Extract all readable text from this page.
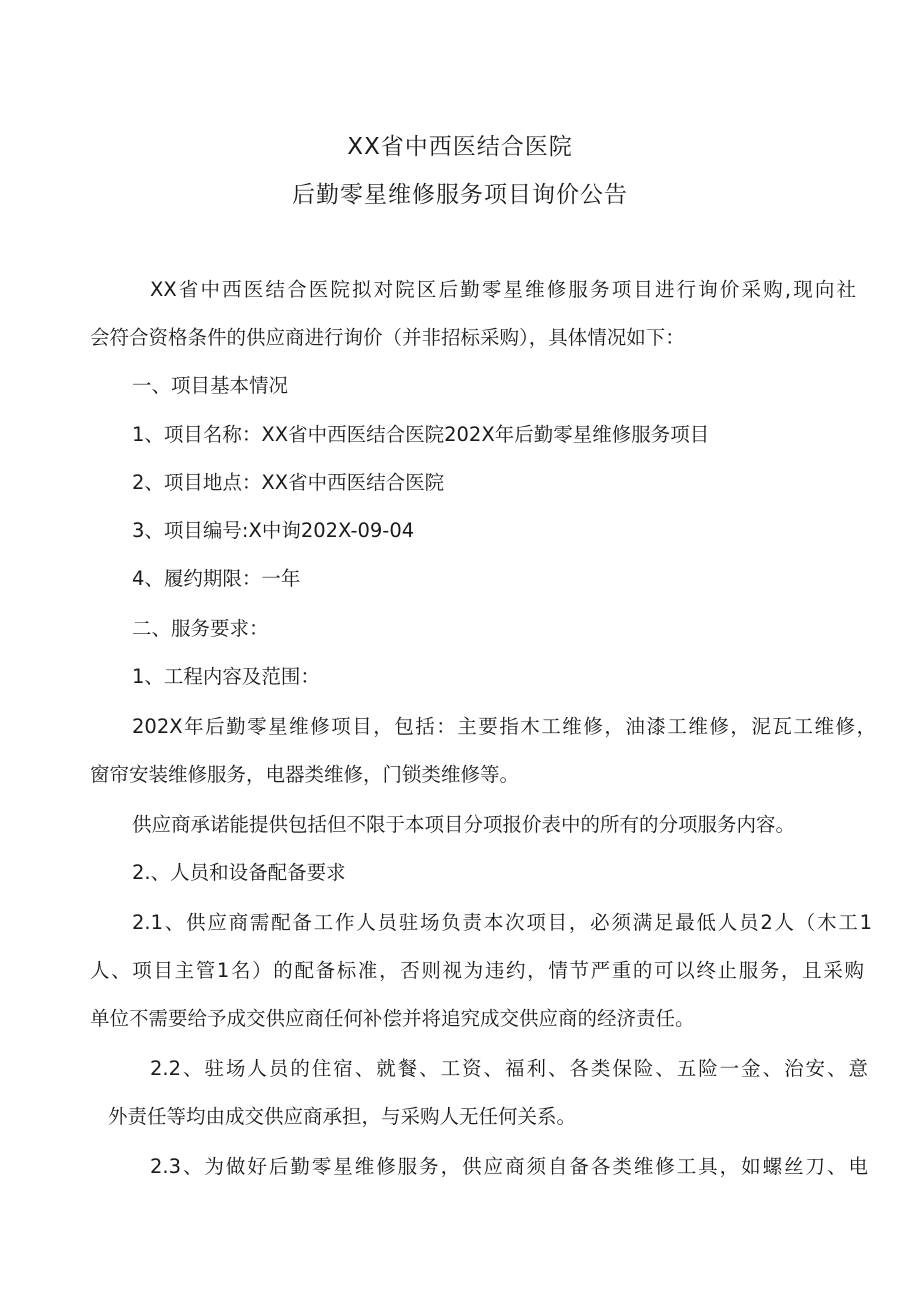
XX省中西医结合医院
后勤零星维修服务项目询价公告
XX省中西医结合医院拟对院区后勤零星维修服务项目进行询价采购,现向社
会符合资格条件的供应商进行询价（并非招标采购），具体情况如下：
一、项目基本情况
1、项目名称：XX省中西医结合医院202X年后勤零星维修服务项目
2、项目地点：XX省中西医结合医院
3、项目编号:X中询202X-09-04
4、履约期限：一年
二、服务要求：
1、工程内容及范围：
202X年后勤零星维修项目，包括：主要指木工维修，油漆工维修，泥瓦工维修，
窗帘安装维修服务，电器类维修，门锁类维修等。
供应商承诺能提供包括但不限于本项目分项报价表中的所有的分项服务内容。
2.、人员和设备配备要求
2.1、供应商需配备工作人员驻场负责本次项目，必须满足最低人员2人（木工1
人、项目主管1名）的配备标准，否则视为违约，情节严重的可以终止服务，且采购
单位不需要给予成交供应商任何补偿并将追究成交供应商的经济责任。
2.2、驻场人员的住宿、就餐、工资、福利、各类保险、五险一金、治安、意
外责任等均由成交供应商承担，与采购人无任何关系。
2.3、为做好后勤零星维修服务，供应商须自备各类维修工具，如螺丝刀、电
